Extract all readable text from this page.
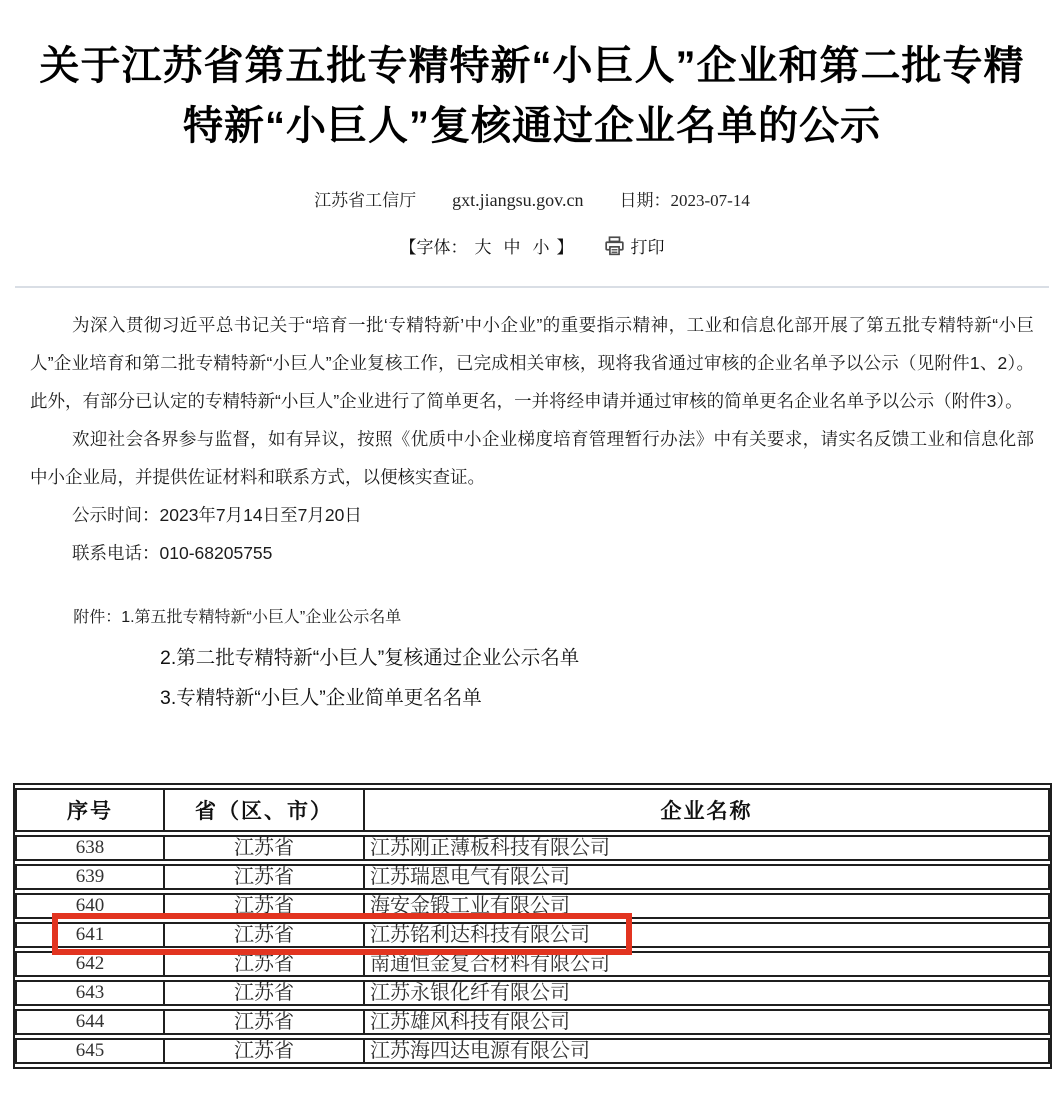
关于江苏省第五批专精特新“小巨人”企业和第二批专精
特新“小巨人”复核通过企业名单的公示
江苏省工信厅 gxt.jiangsu.gov.cn 日期：2023-07-14
【字体： 大 中 小 】	打印

为深入贯彻习近平总书记关于“培育一批‘专精特新’中小企业”的重要指示精神，工业和信息化部开展了第五批专精特新“小巨人”企业培育和第二批专精特新“小巨人”企业复核工作，已完成相关审核，现将我省通过审核的企业名单予以公示（见附件1、2）。此外，有部分已认定的专精特新“小巨人”企业进行了简单更名，一并将经申请并通过审核的简单更名企业名单予以公示（附件3）。

欢迎社会各界参与监督，如有异议，按照《优质中小企业梯度培育管理暂行办法》中有关要求，请实名反馈工业和信息化部中小企业局，并提供佐证材料和联系方式，以便核实查证。

公示时间：2023年7月14日至7月20日
联系电话：010-68205755
附件：1.第五批专精特新“小巨人”企业公示名单
2.第二批专精特新“小巨人”复核通过企业公示名单
3.专精特新“小巨人”企业简单更名名单
序号	省（区、市）	企业名称
638	江苏省	江苏刚正薄板科技有限公司
639	江苏省	江苏瑞恩电气有限公司
640	江苏省	海安金锻工业有限公司
641	江苏省	江苏铭利达科技有限公司
642	江苏省	南通恒金复合材料有限公司
643	江苏省	江苏永银化纤有限公司
644	江苏省	江苏雄风科技有限公司
645	江苏省	江苏海四达电源有限公司
